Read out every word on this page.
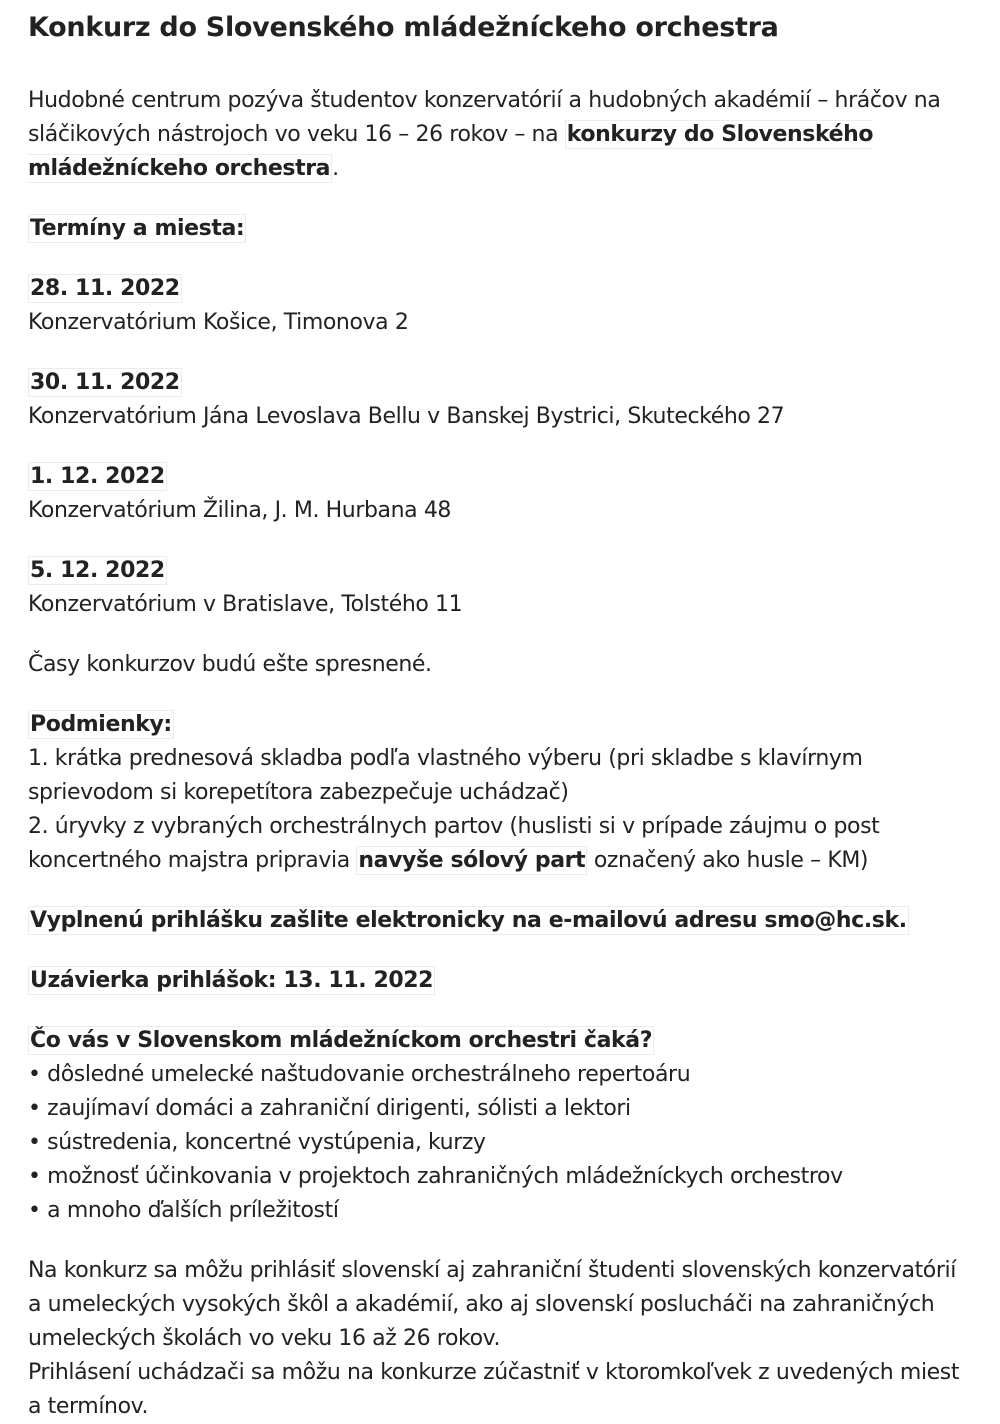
Konkurz do Slovenského mládežníckeho orchestra

Hudobné centrum pozýva študentov konzervatórií a hudobných akadémií – hráčov na sláčikových nástrojoch vo veku 16 – 26 rokov – na konkurzy do Slovenského mládežníckeho orchestra.

Termíny a miesta:

28. 11. 2022
Konzervatórium Košice, Timonova 2

30. 11. 2022
Konzervatórium Jána Levoslava Bellu v Banskej Bystrici, Skuteckého 27

1. 12. 2022
Konzervatórium Žilina, J. M. Hurbana 48

5. 12. 2022
Konzervatórium v Bratislave, Tolstého 11

Časy konkurzov budú ešte spresnené.

Podmienky:
1. krátka prednesová skladba podľa vlastného výberu (pri skladbe s klavírnym sprievodom si korepetítora zabezpečuje uchádzač)
2. úryvky z vybraných orchestrálnych partov (huslisti si v prípade záujmu o post koncertného majstra pripravia navyše sólový part označený ako husle – KM)

Vyplnenú prihlášku zašlite elektronicky na e-mailovú adresu smo@hc.sk.

Uzávierka prihlášok: 13. 11. 2022

Čo vás v Slovenskom mládežníckom orchestri čaká?
• dôsledné umelecké naštudovanie orchestrálneho repertoáru
• zaujímaví domáci a zahraniční dirigenti, sólisti a lektori
• sústredenia, koncertné vystúpenia, kurzy
• možnosť účinkovania v projektoch zahraničných mládežníckych orchestrov
• a mnoho ďalších príležitostí

Na konkurz sa môžu prihlásiť slovenskí aj zahraniční študenti slovenských konzervatórií a umeleckých vysokých škôl a akadémií, ako aj slovenskí poslucháči na zahraničných umeleckých školách vo veku 16 až 26 rokov.
Prihlásení uchádzači sa môžu na konkurze zúčastniť v ktoromkoľvek z uvedených miest a termínov.
